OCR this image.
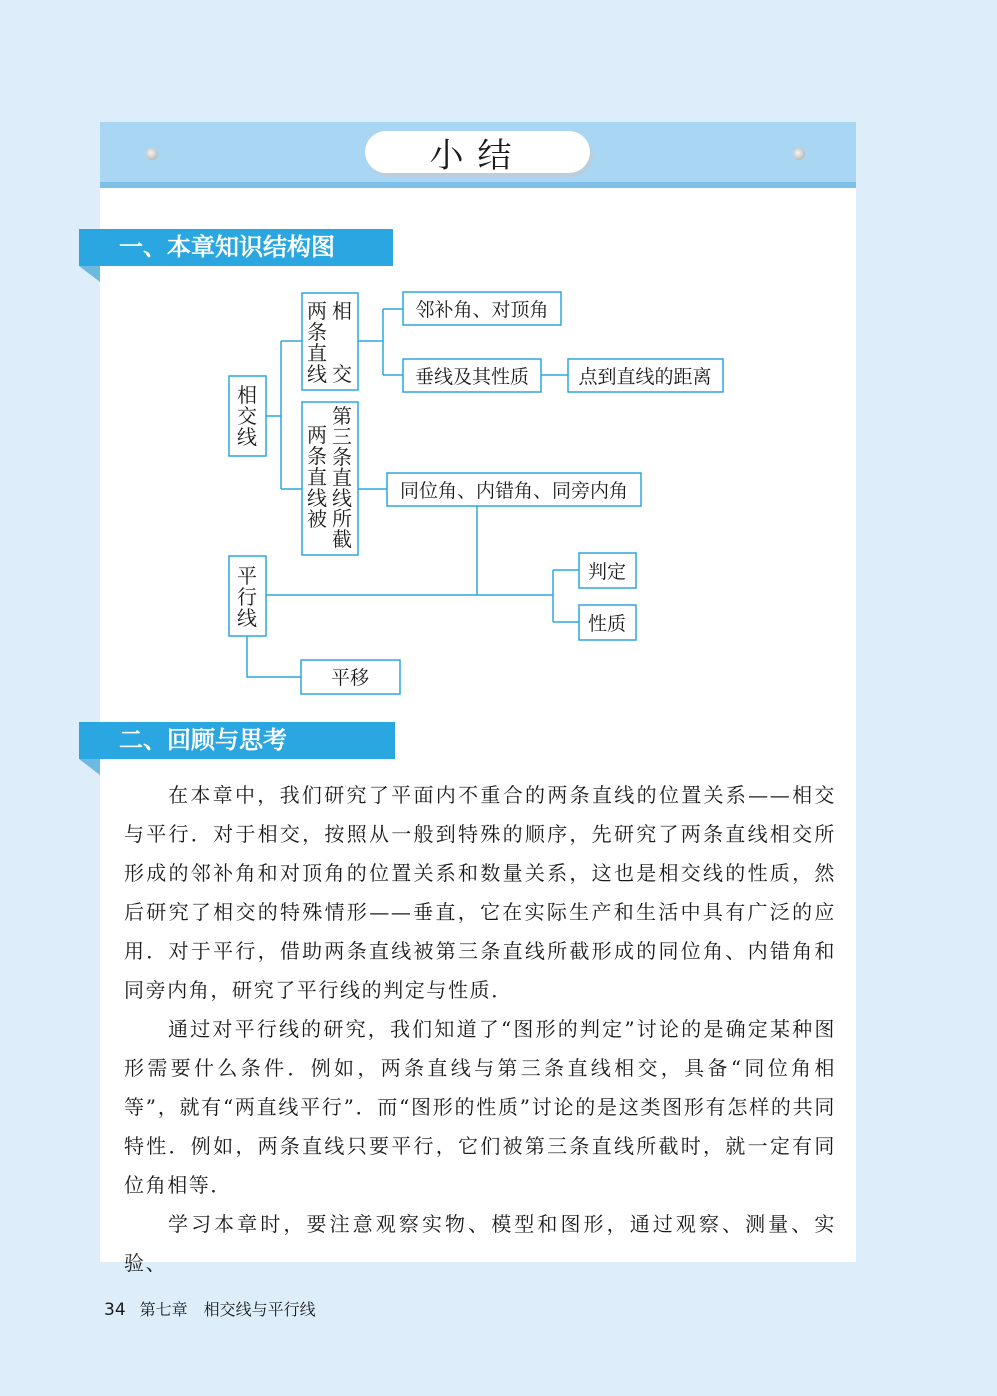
小结
一、本章知识结构图
二、回顾与思考
相交线
平行线
两条直线
相交
两条直线被
第三条直线所截
邻补角、对顶角
垂线及其性质	点到直线的距离
同位角、内错角、同旁内角
判定
性质
平移

在本章中，我们研究了平面内不重合的两条直线的位置关系——相交与平行．对于相交，按照从一般到特殊的顺序，先研究了两条直线相交所形成的邻补角和对顶角的位置关系和数量关系，这也是相交线的性质，然后研究了相交的特殊情形——垂直，它在实际生产和生活中具有广泛的应用．对于平行，借助两条直线被第三条直线所截形成的同位角、内错角和同旁内角，研究了平行线的判定与性质．

通过对平行线的研究，我们知道了“图形的判定”讨论的是确定某种图形需要什么条件．例如，两条直线与第三条直线相交，具备“同位角相等”，就有“两直线平行”．而“图形的性质”讨论的是这类图形有怎样的共同特性．例如，两条直线只要平行，它们被第三条直线所截时，就一定有同位角相等．

学习本章时，要注意观察实物、模型和图形，通过观察、测量、实验、

34 第七章 相交线与平行线
